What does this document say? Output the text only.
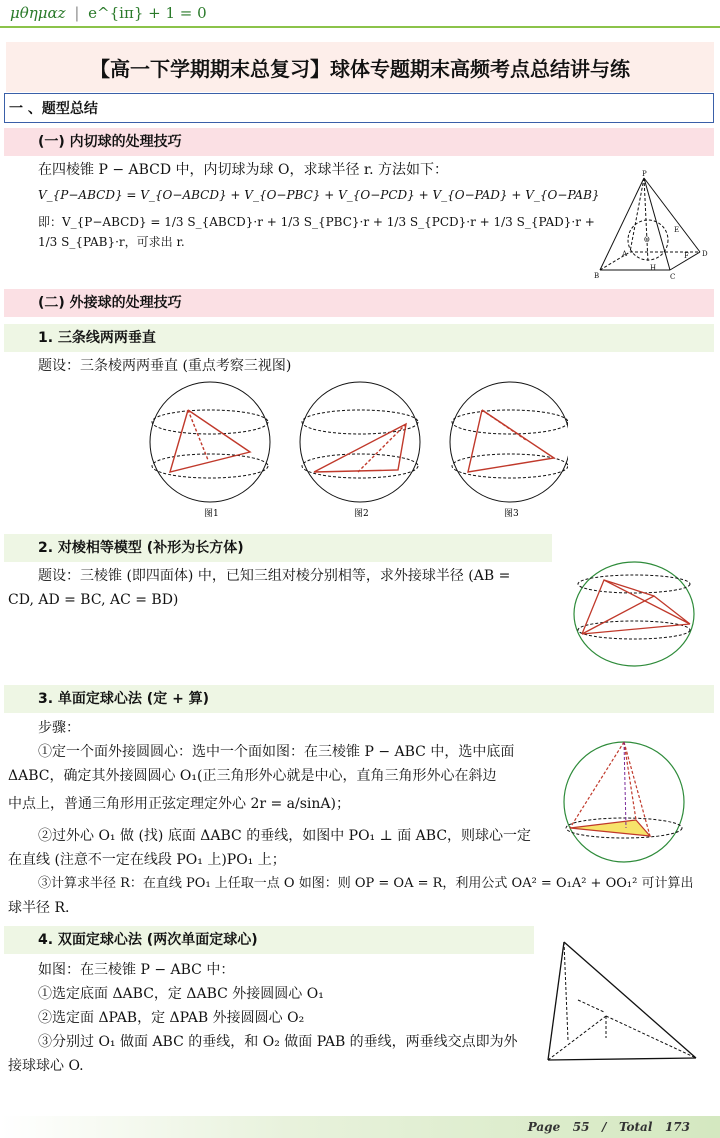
μθημαz | e^{iπ} + 1 = 0
【高一下学期期末总复习】球体专题期末高频考点总结讲与练
一 、题型总结
(一) 内切球的处理技巧
在四棱锥 P − ABCD 中，内切球为球 O，求球半径 r. 方法如下：
V_{P−ABCD} = V_{O−ABCD} + V_{O−PBC} + V_{O−PCD} + V_{O−PAD} + V_{O−PAB}
即：V_{P−ABCD} = 1/3 S_{ABCD}·r + 1/3 S_{PBC}·r + 1/3 S_{PCD}·r + 1/3 S_{PAD}·r + 1/3 S_{PAB}·r，可求出 r.
P
B	C
D
O
H
F
E
A
(二) 外接球的处理技巧
1. 三条线两两垂直
题设：三条棱两两垂直 (重点考察三视图)
图1	图2	图3
2. 对棱相等模型 (补形为长方体)
题设：三棱锥 (即四面体) 中，已知三组对棱分别相等，求外接球半径 (AB =
CD, AD = BC, AC = BD)
3. 单面定球心法 (定 + 算)
步骤：
①定一个面外接圆圆心：选中一个面如图：在三棱锥 P − ABC 中，选中底面
ΔABC，确定其外接圆圆心 O₁(正三角形外心就是中心，直角三角形外心在斜边
中点上，普通三角形用正弦定理定外心 2r = a/sinA)；
②过外心 O₁ 做 (找) 底面 ΔABC 的垂线，如图中 PO₁ ⊥ 面 ABC，则球心一定
在直线 (注意不一定在线段 PO₁ 上)PO₁ 上；
③计算求半径 R：在直线 PO₁ 上任取一点 O 如图：则 OP = OA = R，利用公式 OA² = O₁A² + OO₁² 可计算出
球半径 R.
4. 双面定球心法 (两次单面定球心)
如图：在三棱锥 P − ABC 中：
①选定底面 ΔABC，定 ΔABC 外接圆圆心 O₁
②选定面 ΔPAB，定 ΔPAB 外接圆圆心 O₂
③分别过 O₁ 做面 ABC 的垂线，和 O₂ 做面 PAB 的垂线，两垂线交点即为外
接球球心 O.
Page 55 / Total 173
